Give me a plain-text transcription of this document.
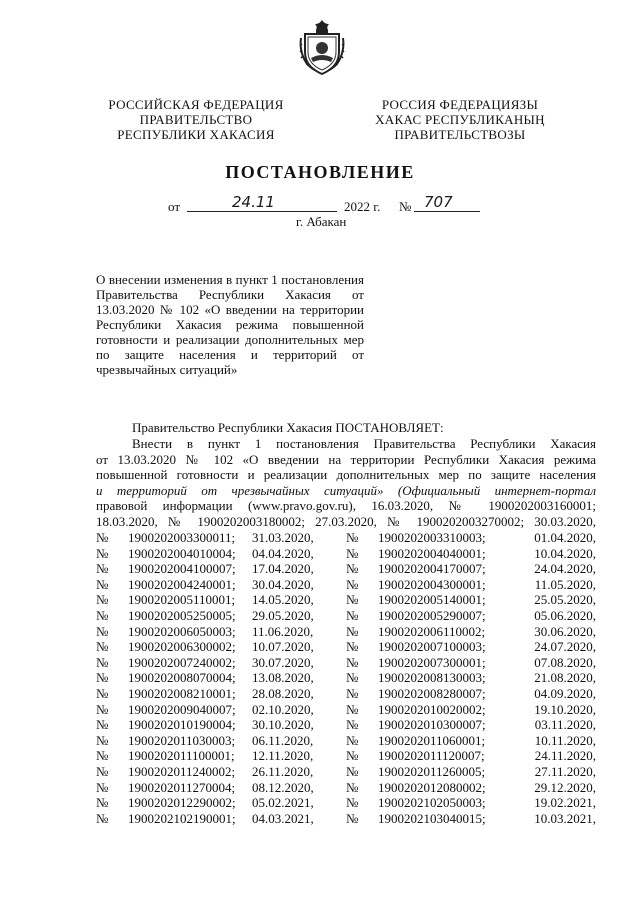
РОССИЙСКАЯ ФЕДЕРАЦИЯ
ПРАВИТЕЛЬСТВО
РЕСПУБЛИКИ ХАКАСИЯ
РОССИЯ ФЕДЕРАЦИЯЗЫ
ХАКАС РЕСПУБЛИКАНЫҢ
ПРАВИТЕЛЬСТВОЗЫ
ПОСТАНОВЛЕНИЕ
от	24.11	2022 г. № 707
г. Абакан
О внесении изменения в пункт 1 постановления Правительства Республики Хакасия от 13.03.2020 № 102 «О введении на территории Республики Хакасия режима повышенной готовности и реализации дополнительных мер по защите населения и территорий от чрезвычайных ситуаций»
Правительство Республики Хакасия ПОСТАНОВЛЯЕТ:
Внести в пункт 1 постановления Правительства Республики Хакасия
от 13.03.2020 № 102 «О введении на территории Республики Хакасия режима
повышенной готовности и реализации дополнительных мер по защите населения
и территорий от чрезвычайных ситуаций» (Официальный интернет-портал
правовой информации (www.pravo.gov.ru), 16.03.2020, № 1900202003160001;
18.03.2020, № 1900202003180002; 27.03.2020, № 1900202003270002; 30.03.2020,
№	1900202003300011;	31.03.2020,	№	1900202003310003;	01.04.2020,
№	1900202004010004;	04.04.2020,	№	1900202004040001;	10.04.2020,
№	1900202004100007;	17.04.2020,	№	1900202004170007;	24.04.2020,
№	1900202004240001;	30.04.2020,	№	1900202004300001;	11.05.2020,
№	1900202005110001;	14.05.2020,	№	1900202005140001;	25.05.2020,
№	1900202005250005;	29.05.2020,	№	1900202005290007;	05.06.2020,
№	1900202006050003;	11.06.2020,	№	1900202006110002;	30.06.2020,
№	1900202006300002;	10.07.2020,	№	1900202007100003;	24.07.2020,
№	1900202007240002;	30.07.2020,	№	1900202007300001;	07.08.2020,
№	1900202008070004;	13.08.2020,	№	1900202008130003;	21.08.2020,
№	1900202008210001;	28.08.2020,	№	1900202008280007;	04.09.2020,
№	1900202009040007;	02.10.2020,	№	1900202010020002;	19.10.2020,
№	1900202010190004;	30.10.2020,	№	1900202010300007;	03.11.2020,
№	1900202011030003;	06.11.2020,	№	1900202011060001;	10.11.2020,
№	1900202011100001;	12.11.2020,	№	1900202011120007;	24.11.2020,
№	1900202011240002;	26.11.2020,	№	1900202011260005;	27.11.2020,
№	1900202011270004;	08.12.2020,	№	1900202012080002;	29.12.2020,
№	1900202012290002;	05.02.2021,	№	1900202102050003;	19.02.2021,
№	1900202102190001;	04.03.2021,	№	1900202103040015;	10.03.2021,
